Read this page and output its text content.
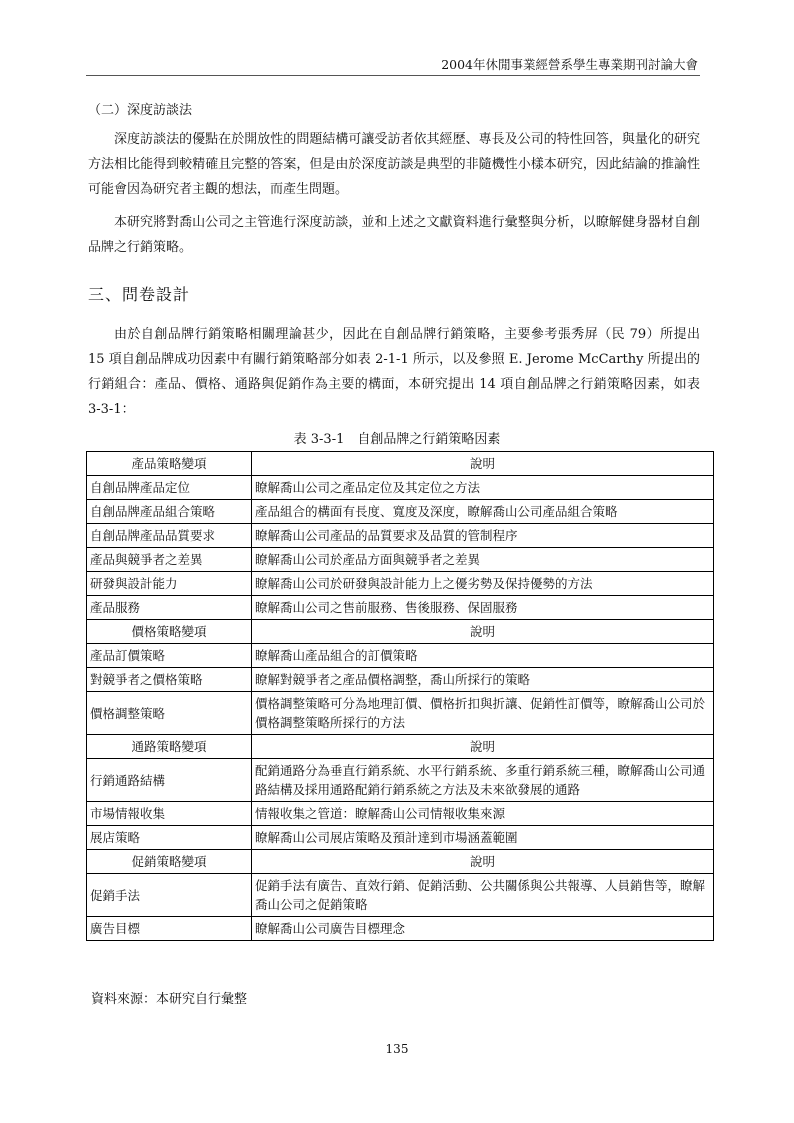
2004年休閒事業經營系學生專業期刊討論大會
（二）深度訪談法
深度訪談法的優點在於開放性的問題結構可讓受訪者依其經歷、專長及公司的特性回答，與量化的研究方法相比能得到較精確且完整的答案，但是由於深度訪談是典型的非隨機性小樣本研究，因此結論的推論性可能會因為研究者主觀的想法，而產生問題。
本研究將對喬山公司之主管進行深度訪談，並和上述之文獻資料進行彙整與分析，以瞭解健身器材自創品牌之行銷策略。
三、問卷設計
由於自創品牌行銷策略相關理論甚少，因此在自創品牌行銷策略，主要參考張秀屏（民 79）所提出 15 項自創品牌成功因素中有關行銷策略部分如表 2-1-1 所示，以及參照 E. Jerome McCarthy 所提出的行銷組合：產品、價格、通路與促銷作為主要的構面，本研究提出 14 項自創品牌之行銷策略因素，如表 3-3-1：
表 3-3-1　自創品牌之行銷策略因素
產品策略變項	說明
自創品牌產品定位	瞭解喬山公司之產品定位及其定位之方法
自創品牌產品組合策略	產品組合的構面有長度、寬度及深度，瞭解喬山公司產品組合策略
自創品牌產品品質要求	瞭解喬山公司產品的品質要求及品質的管制程序
產品與競爭者之差異	瞭解喬山公司於產品方面與競爭者之差異
研發與設計能力	瞭解喬山公司於研發與設計能力上之優劣勢及保持優勢的方法
產品服務	瞭解喬山公司之售前服務、售後服務、保固服務
價格策略變項	說明
產品訂價策略	瞭解喬山產品組合的訂價策略
對競爭者之價格策略	瞭解對競爭者之產品價格調整，喬山所採行的策略
價格調整策略	價格調整策略可分為地理訂價、價格折扣與折讓、促銷性訂價等，瞭解喬山公司於價格調整策略所採行的方法
通路策略變項	說明
行銷通路結構	配銷通路分為垂直行銷系統、水平行銷系統、多重行銷系統三種，瞭解喬山公司通路結構及採用通路配銷行銷系統之方法及未來欲發展的通路
市場情報收集	情報收集之管道：瞭解喬山公司情報收集來源
展店策略	瞭解喬山公司展店策略及預計達到市場涵蓋範圍
促銷策略變項	說明
促銷手法	促銷手法有廣告、直效行銷、促銷活動、公共關係與公共報導、人員銷售等，瞭解喬山公司之促銷策略
廣告目標	瞭解喬山公司廣告目標理念
資料來源：本研究自行彙整
135
